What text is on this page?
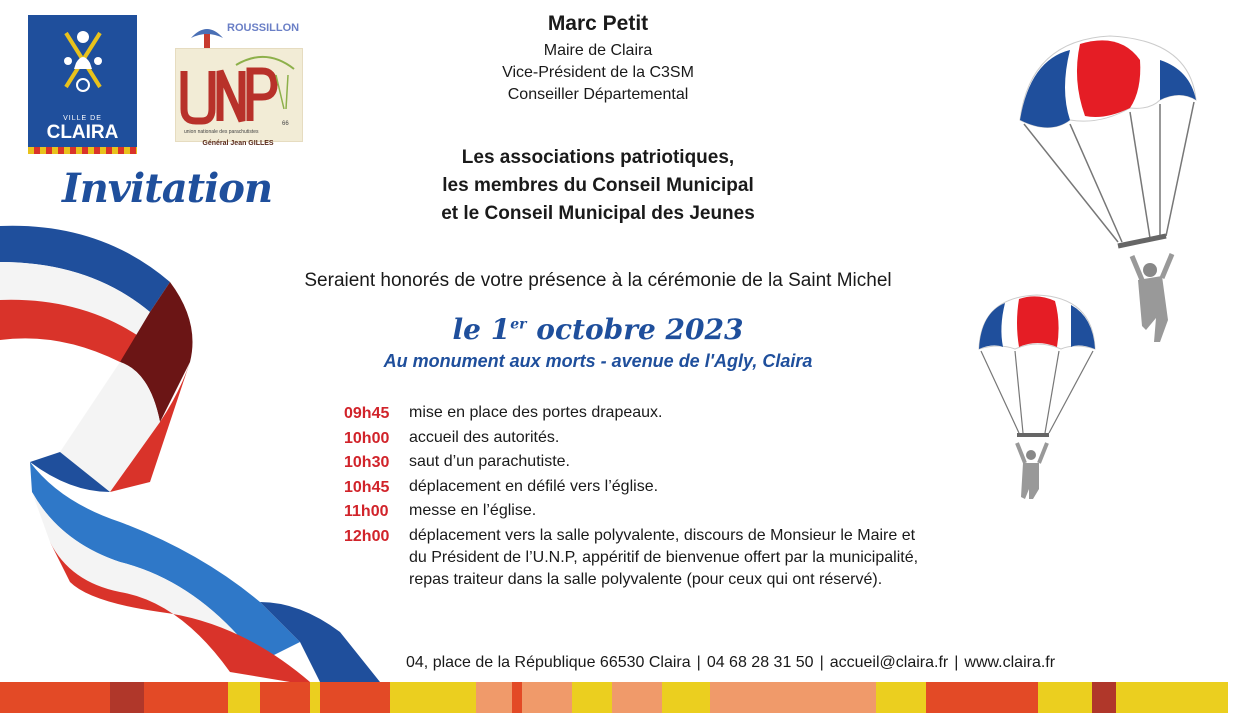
VILLE DE
CLAIRA	union nationale des parachutistes
66
ROUSSILLON
Général Jean GILLES
Invitation
Marc Petit
Maire de Claira
Vice-Président de la C3SM
Conseiller Départemental
Les associations patriotiques,
les membres du Conseil Municipal
et le Conseil Municipal des Jeunes
Seraient honorés de votre présence à la cérémonie de la Saint Michel
le 1er octobre 2023
Au monument aux morts - avenue de l'Agly, Claira
09h45	mise en place des portes drapeaux.
10h00	accueil des autorités.
10h30	saut d’un parachutiste.
10h45	déplacement en défilé vers l’église.
11h00	messe en l’église.
12h00	déplacement vers la salle polyvalente, discours de Monsieur le Maire et
du Président de l’U.N.P, appéritif de bienvenue offert par la municipalité,
repas traiteur dans la salle polyvalente (pour ceux qui ont réservé).
04, place de la République 66530 Claira | 04 68 28 31 50 | accueil@claira.fr | www.claira.fr
